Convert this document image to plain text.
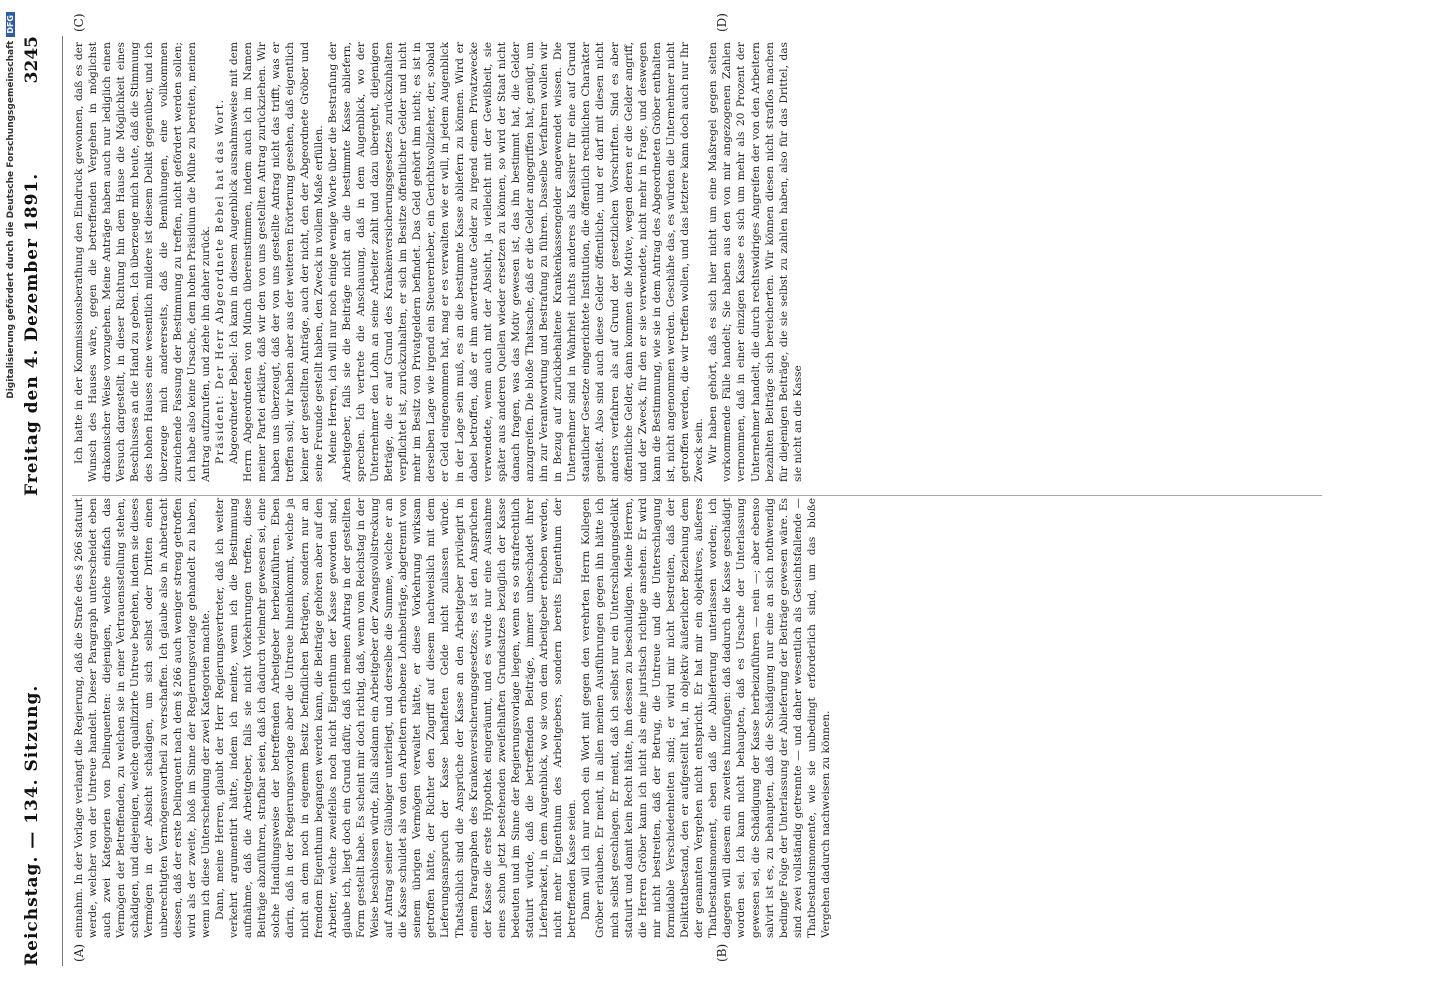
Digitalisierung gefördert durch die Deutsche ForschungsgemeinschaftDFG
Reichstag. — 134. Sitzung.
Freitag den 4. Dezember 1891.
3245
(A)	(B)
(C)	(D)

einnahm. In der Vorlage verlangt die Regierung, daß die Strafe des § 266 statuirt werde, welcher von der Untreue handelt. Dieser Paragraph unterscheidet eben auch zwei Kategorien von Delinquenten: diejenigen, welche einfach das Vermögen der Betreffenden, zu welchen sie in einer Vertrauensstellung stehen, schädigen, und diejenigen, welche qualifizirte Untreue begehen, indem sie dieses Vermögen in der Absicht schädigen, um sich selbst oder Dritten einen unberechtigten Vermögensvortheil zu verschaffen. Ich glaube also in Anbetracht dessen, daß der erste Delinquent nach dem § 266 auch weniger streng getroffen wird als der zweite, bloß im Sinne der Regierungsvorlage gehandelt zu haben, wenn ich diese Unterscheidung der zwei Kategorien machte. Dann, meine Herren, glaubt der Herr Regierungsvertreter, daß ich weiter verkehrt argumentirt hätte, indem ich meinte, wenn ich die Bestimmung aufnähme, daß die Arbeitgeber, falls sie nicht Vorkehrungen treffen, diese Beiträge abzuführen, strafbar seien, daß ich dadurch vielmehr gewesen sei, eine solche Handlungsweise der betreffenden Arbeitgeber herbeizuführen. Eben darin, daß in der Regierungsvorlage aber die Untreue hineinkommt, welche ja nicht an dem noch in eigenem Besitz befindlichen Beträgen, sondern nur an fremdem Eigenthum begangen werden kann, die Beiträge gehören aber auf den Arbeiter, welche zweifellos noch nicht Eigenthum der Kasse geworden sind, glaube ich, liegt doch ein Grund dafür, daß ich meinen Antrag in der gestellten Form gestellt habe. Es scheint mir doch richtig, daß, wenn vom Reichstag in der Weise beschlossen würde, falls alsdann ein Arbeitgeber der Zwangsvollstreckung auf Antrag seiner Gläubiger unterliegt, und derselbe die Summe, welche er an die Kasse schuldet als von den Arbeitern erhobene Lohnbeiträge, abgetrennt von seinem übrigen Vermögen verwaltet hätte, er diese Vorkehrung wirksam getroffen hätte, der Richter den Zugriff auf diesem nachweislich mit dem Lieferungsanspruch der Kasse behafteten Gelde nicht zulassen würde. Thatsächlich sind die Ansprüche der Kasse an den Arbeitgeber privilegirt in einem Paragraphen des Krankenversicherungsgesetzes; es ist den Ansprüchen der Kasse die erste Hypothek eingeräumt, und es wurde nur eine Ausnahme eines schon jetzt bestehenden zweifelhaften Grundsatzes bezüglich der Kasse bedeuten und im Sinne der Regierungsvorlage liegen, wenn es so strafrechtlich statuirt würde, daß die betreffenden Beiträge, immer unbeschadet ihrer Lieferbarkeit, in dem Augenblick, wo sie von dem Arbeitgeber erhoben werden, nicht mehr Eigenthum des Arbeitgebers, sondern bereits Eigenthum der betreffenden Kasse seien. Dann will ich nur noch ein Wort mit gegen den verehrten Herrn Kollegen Gröber erlauben. Er meint, in allen meinen Ausführungen gegen ihn hätte ich mich selbst geschlagen. Er meint, daß ich selbst nur ein Unterschlagungsdelikt statuirt und damit kein Recht hätte, ihn dessen zu beschuldigen. Meine Herren, die Herren Gröber kann ich nicht als eine juristisch richtige ansehen. Er wird mir nicht bestreiten, daß der Betrug, die Untreue und die Unterschlagung formidable Verschiedenheiten sind; er wird mir nicht bestreiten, daß der Delikttatbestand, den er aufgestellt hat, in objektiv äußerlicher Beziehung dem der genannten Vergehen nicht entspricht. Er hat mir ein objektives, äußeres Thatbestandsmoment, eben daß die Ablieferung unterlassen worden; ich dagegen will diesem ein zweites hinzufügen: daß dadurch die Kasse geschädigt worden sei. Ich kann nicht behaupten, daß es Ursache der Unterlassung gewesen sei, die Schädigung der Kasse herbeizuführen — nein —; aber ebenso salvirt ist es, zu behaupten, daß die Schädigung nur eine an sich nothwendig bedingte Folge der Unterlassung der Ablieferung der Beiträge gewesen wäre. Es sind zwei vollständig getrennte — und daher wesentlich als Gesichtsfallende — Thatbestandsmomente, wie sie unbedingt erforderlich sind, um das bloße Vergehen dadurch nachweisen zu können.

Ich hatte in der Kommissionsberathung den Eindruck gewonnen, daß es der Wunsch des Hauses wäre, gegen die betreffenden Vergehen in möglichst drakonischer Weise vorzugehen. Meine Anträge haben auch nur lediglich einen Versuch dargestellt, in dieser Richtung hin dem Hause die Möglichkeit eines Beschlusses an die Hand zu geben. Ich überzeuge mich heute, daß die Stimmung des hohen Hauses eine wesentlich mildere ist diesem Delikt gegenüber, und ich überzeuge mich andererseits, daß die Bemühungen, eine vollkommen zureichende Fassung der Bestimmung zu treffen, nicht gefördert werden sollen; ich habe also keine Ursache, dem hohen Präsidium die Mühe zu bereiten, meinen Antrag aufzurufen, und ziehe ihn daher zurück. Präsident: Der Herr Abgeordnete Bebel hat das Wort. Abgeordneter Bebel: Ich kann in diesem Augenblick ausnahmsweise mit dem Herrn Abgeordneten von Münch übereinstimmen, indem auch ich im Namen meiner Partei erkläre, daß wir den von uns gestellten Antrag zurückziehen. Wir haben uns überzeugt, daß der von uns gestellte Antrag nicht das trifft, was er treffen soll; wir haben aber aus der weiteren Erörterung gesehen, daß eigentlich keiner der gestellten Anträge, auch der nicht, den der Abgeordnete Gröber und seine Freunde gestellt haben, den Zweck in vollem Maße erfüllen. Meine Herren, ich will nur noch einige wenige Worte über die Bestrafung der Arbeitgeber, falls sie die Beiträge nicht an die bestimmte Kasse abliefern, sprechen. Ich vertrete die Anschauung, daß in dem Augenblick, wo der Unternehmer den Lohn an seine Arbeiter zahlt und dazu übergeht, diejenigen Beträge, die er auf Grund des Krankenversicherungsgesetzes zurückzuhalten verpflichtet ist, zurückzuhalten, er sich im Besitze öffentlicher Gelder und nicht mehr im Besitz von Privatgeldern befindet. Das Geld gehört ihm nicht; es ist in derselben Lage wie irgend ein Steuererheber, ein Gerichtsvollzieher, der, sobald er Geld eingenommen hat, mag er es verwalten wie er will, in jedem Augenblick in der Lage sein muß, es an die bestimmte Kasse abliefern zu können. Wird er dabei betroffen, daß er ihm anvertraute Gelder zu irgend einem Privatzwecke verwendete, wenn auch mit der Absicht, ja vielleicht mit der Gewißheit, sie später aus anderen Quellen wieder ersetzen zu können, so wird der Staat nicht danach fragen, was das Motiv gewesen ist, das ihn bestimmt hat, die Gelder anzugreifen. Die bloße Thatsache, daß er die Gelder angegriffen hat, genügt, um ihn zur Verantwortung und Bestrafung zu führen. Dasselbe Verfahren wollen wir in Bezug auf zurückbehaltene Krankenkassengelder angewendet wissen. Die Unternehmer sind in Wahrheit nichts anderes als Kassirer für eine auf Grund staatlicher Gesetze eingerichtete Institution, die öffentlich rechtlichen Charakter genießt. Also sind auch diese Gelder öffentliche, und er darf mit diesen nicht anders verfahren als auf Grund der gesetzlichen Vorschriften. Sind es aber öffentliche Gelder, dann kommen die Motive, wegen deren er die Gelder angriff, und der Zweck, für den er sie verwendete, nicht mehr in Frage, und deswegen kann die Bestimmung, wie sie in dem Antrag des Abgeordneten Gröber enthalten ist, nicht angenommen werden. Geschähe das, es würden die Unternehmer nicht getroffen werden, die wir treffen wollen, und das letztere kann doch auch nur Ihr Zweck sein. Wir haben gehört, daß es sich hier nicht um eine Maßregel gegen selten vorkommende Fälle handelt; Sie haben aus den von mir angezogenen Zahlen vernommen, daß in einer einzigen Kasse es sich um mehr als 20 Prozent der Unternehmer handelt, die durch rechtswidriges Angreifen der von den Arbeitern bezahlten Beiträge sich bereicherten. Wir können diesen nicht straflos machen für diejenigen Beiträge, die sie selbst zu zahlen haben, also für das Drittel, das sie nicht an die Kasse
